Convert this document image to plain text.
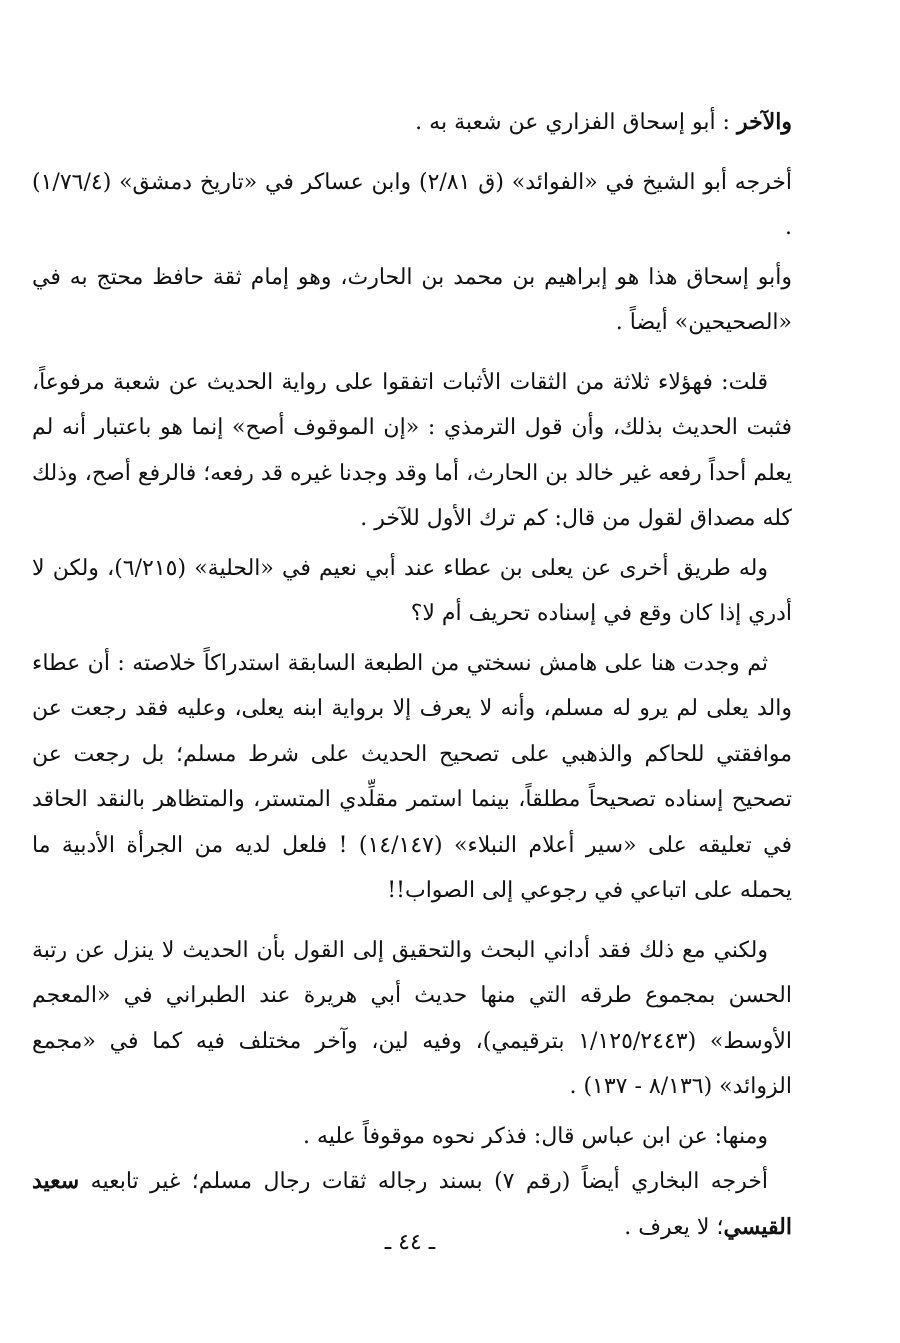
والآخر : أبو إسحاق الفزاري عن شعبة به .

أخرجه أبو الشيخ في «الفوائد» (ق ٢/٨١) وابن عساكر في «تاريخ دمشق» (١/٧٦/٤) .

وأبو إسحاق هذا هو إبراهيم بن محمد بن الحارث، وهو إمام ثقة حافظ محتج به في «الصحيحين» أيضاً .

قلت: فهؤلاء ثلاثة من الثقات الأثبات اتفقوا على رواية الحديث عن شعبة مرفوعاً، فثبت الحديث بذلك، وأن قول الترمذي : «إن الموقوف أصح» إنما هو باعتبار أنه لم يعلم أحداً رفعه غير خالد بن الحارث، أما وقد وجدنا غيره قد رفعه؛ فالرفع أصح، وذلك كله مصداق لقول من قال: كم ترك الأول للآخر .

وله طريق أخرى عن يعلى بن عطاء عند أبي نعيم في «الحلية» (٦/٢١٥)، ولكن لا أدري إذا كان وقع في إسناده تحريف أم لا؟

ثم وجدت هنا على هامش نسختي من الطبعة السابقة استدراكاً خلاصته : أن عطاء والد يعلى لم يرو له مسلم، وأنه لا يعرف إلا برواية ابنه يعلى، وعليه فقد رجعت عن موافقتي للحاكم والذهبي على تصحيح الحديث على شرط مسلم؛ بل رجعت عن تصحيح إسناده تصحيحاً مطلقاً، بينما استمر مقلِّدي المتستر، والمتظاهر بالنقد الحاقد في تعليقه على «سير أعلام النبلاء» (١٤/١٤٧) ! فلعل لديه من الجرأة الأدبية ما يحمله على اتباعي في رجوعي إلى الصواب!!

ولكني مع ذلك فقد أداني البحث والتحقيق إلى القول بأن الحديث لا ينزل عن رتبة الحسن بمجموع طرقه التي منها حديث أبي هريرة عند الطبراني في «المعجم الأوسط» (١/١٢٥/٢٤٤٣ بترقيمي)، وفيه لين، وآخر مختلف فيه كما في «مجمع الزوائد» (٨/١٣٦ - ١٣٧) .

ومنها: عن ابن عباس قال: فذكر نحوه موقوفاً عليه .

أخرجه البخاري أيضاً (رقم ٧) بسند رجاله ثقات رجال مسلم؛ غير تابعيه سعيد القيسي؛ لا يعرف .

ـ ٤٤ ـ
